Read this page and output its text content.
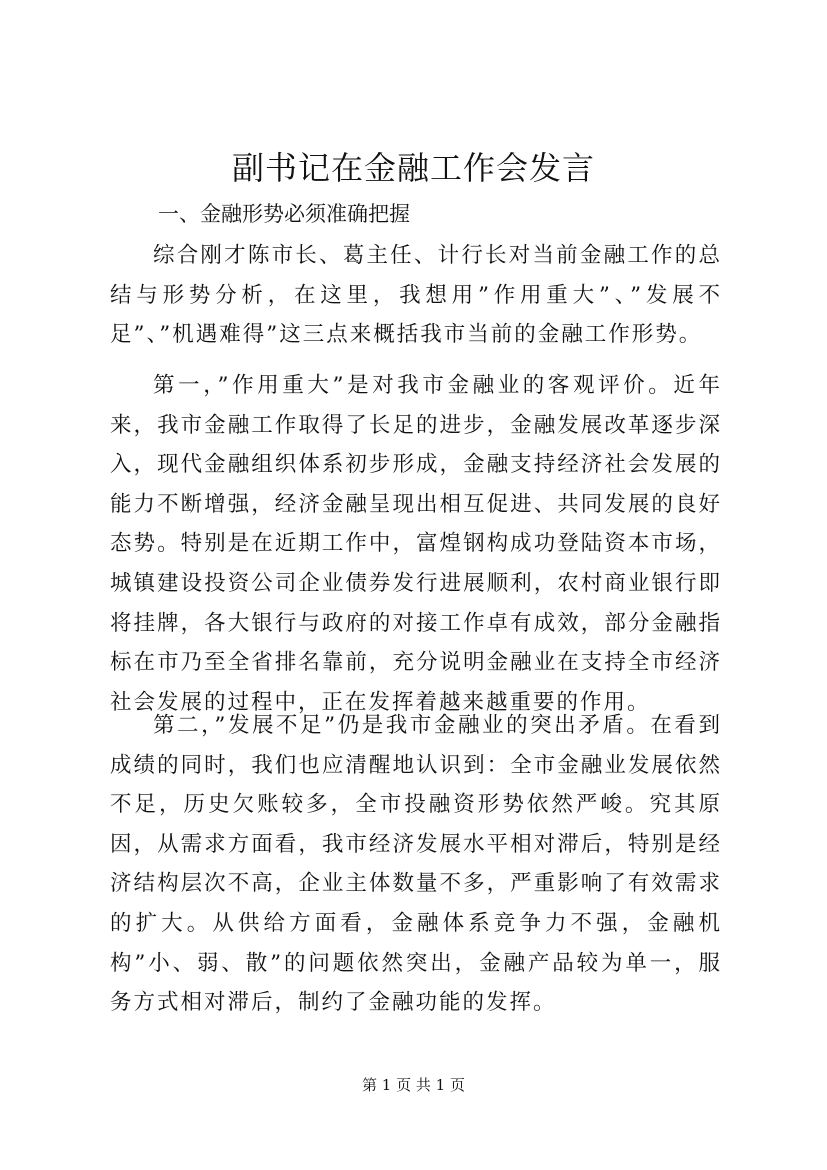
副书记在金融工作会发言
一、金融形势必须准确把握

综合刚才陈市长、葛主任、计行长对当前金融工作的总结与形势分析，在这里，我想用”作用重大”、”发展不足”、”机遇难得”这三点来概括我市当前的金融工作形势。

第一，”作用重大”是对我市金融业的客观评价。近年来，我市金融工作取得了长足的进步，金融发展改革逐步深入，现代金融组织体系初步形成，金融支持经济社会发展的能力不断增强，经济金融呈现出相互促进、共同发展的良好态势。特别是在近期工作中，富煌钢构成功登陆资本市场，城镇建设投资公司企业债券发行进展顺利，农村商业银行即将挂牌，各大银行与政府的对接工作卓有成效，部分金融指标在市乃至全省排名靠前，充分说明金融业在支持全市经济社会发展的过程中，正在发挥着越来越重要的作用。

第二，”发展不足”仍是我市金融业的突出矛盾。在看到成绩的同时，我们也应清醒地认识到：全市金融业发展依然不足，历史欠账较多，全市投融资形势依然严峻。究其原因，从需求方面看，我市经济发展水平相对滞后，特别是经济结构层次不高，企业主体数量不多，严重影响了有效需求的扩大。从供给方面看，金融体系竞争力不强，金融机构”小、弱、散”的问题依然突出，金融产品较为单一，服务方式相对滞后，制约了金融功能的发挥。

第 1 页 共 1 页
